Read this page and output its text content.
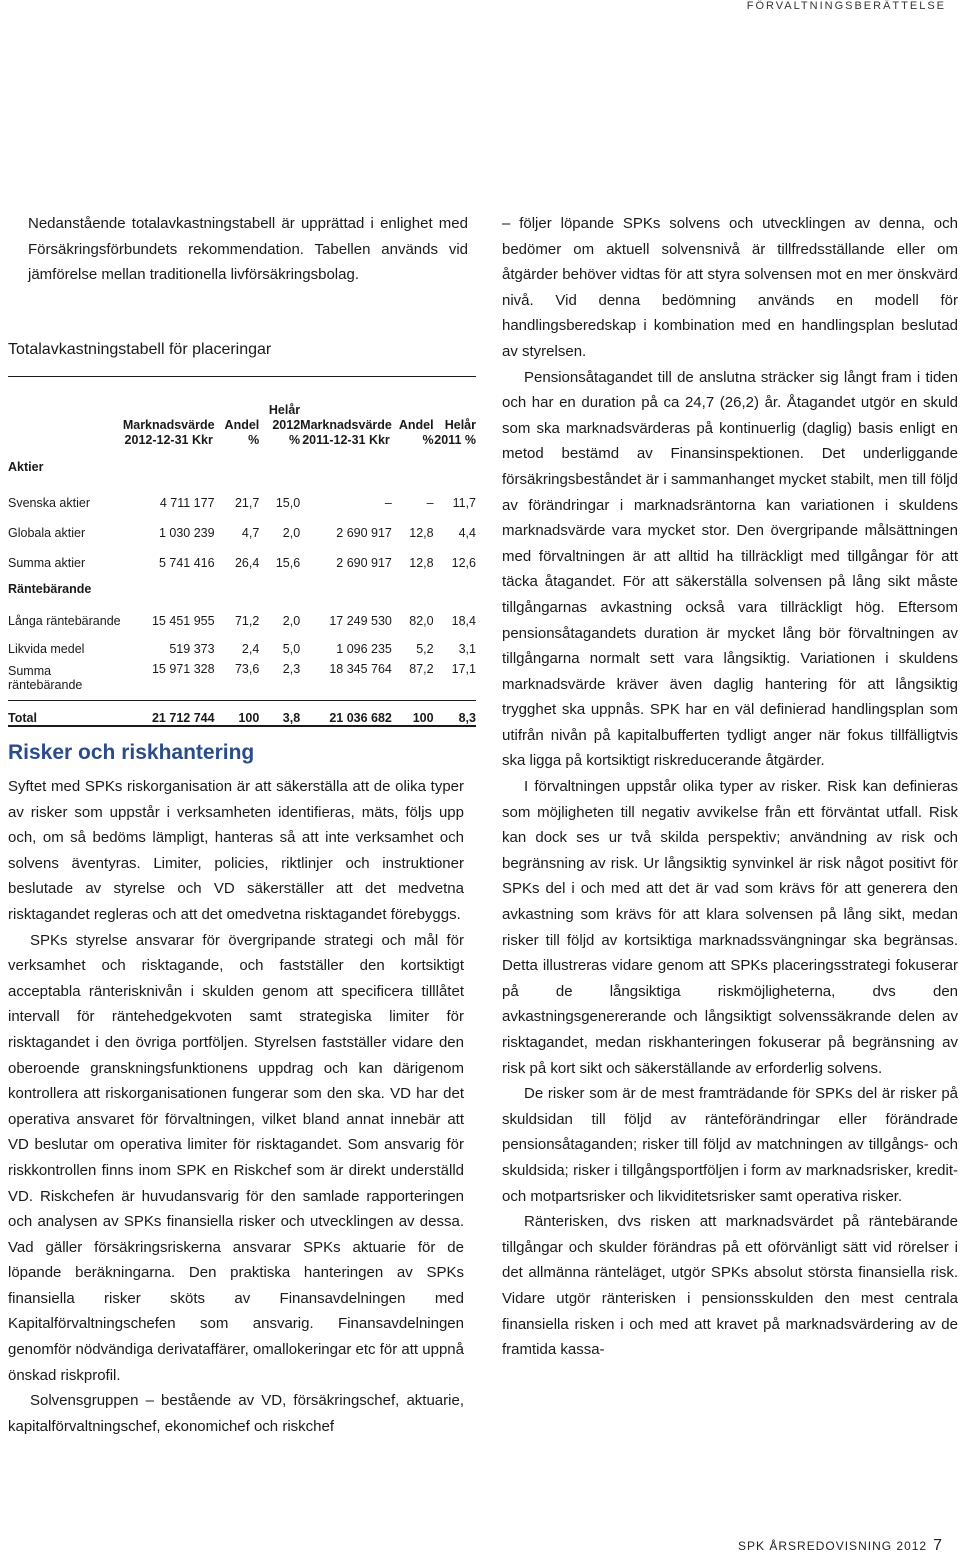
FÖRVALTNINGSBERÄTTELSE

Nedanstående totalavkastningstabell är upprättad i enlighet med Försäkringsförbundets rekommendation. Tabellen används vid jämförelse mellan traditionella livförsäkringsbolag.

Totalavkastningstabell för placeringar
	Marknadsvärde 2012-12-31 Kkr	Andel %	Helår 2012 %	Marknadsvärde 2011-12-31 Kkr	Andel %	Helår 2011 %
Aktier						
Svenska aktier	4 711 177	21,7	15,0	–	–	11,7
Globala aktier	1 030 239	4,7	2,0	2 690 917	12,8	4,4
Summa aktier	5 741 416	26,4	15,6	2 690 917	12,8	12,6
Räntebärande						
Långa räntebärande	15 451 955	71,2	2,0	17 249 530	82,0	18,4
Likvida medel	519 373	2,4	5,0	1 096 235	5,2	3,1
Summa räntebärande	15 971 328	73,6	2,3	18 345 764	87,2	17,1
Total	21 712 744	100	3,8	21 036 682	100	8,3
Risker och riskhantering

Syftet med SPKs riskorganisation är att säkerställa att de olika typer av risker som uppstår i verksamheten identifieras, mäts, följs upp och, om så bedöms lämpligt, hanteras så att inte verksamhet och solvens äventyras. Limiter, policies, riktlinjer och instruktioner beslutade av styrelse och VD säkerställer att det medvetna risktagandet regleras och att det omedvetna risktagandet förebyggs.

SPKs styrelse ansvarar för övergripande strategi och mål för verksamhet och risktagande, och fastställer den kortsiktigt acceptabla ränterisknivån i skulden genom att specificera tilllåtet intervall för räntehedgekvoten samt strategiska limiter för risktagandet i den övriga portföljen. Styrelsen fastställer vidare den oberoende granskningsfunktionens uppdrag och kan därigenom kontrollera att riskorganisationen fungerar som den ska. VD har det operativa ansvaret för förvaltningen, vilket bland annat innebär att VD beslutar om operativa limiter för risktagandet. Som ansvarig för riskkontrollen finns inom SPK en Riskchef som är direkt underställd VD. Riskchefen är huvudansvarig för den samlade rapporteringen och analysen av SPKs finansiella risker och utvecklingen av dessa. Vad gäller försäkringsriskerna ansvarar SPKs aktuarie för de löpande beräkningarna. Den praktiska hanteringen av SPKs finansiella risker sköts av Finansavdelningen med Kapitalförvaltningschefen som ansvarig. Finansavdelningen genomför nödvändiga derivataffärer, omallokeringar etc för att uppnå önskad riskprofil.

Solvensgruppen – bestående av VD, försäkringschef, aktuarie, kapitalförvaltningschef, ekonomichef och riskchef

– följer löpande SPKs solvens och utvecklingen av denna, och bedömer om aktuell solvensnivå är tillfredsställande eller om åtgärder behöver vidtas för att styra solvensen mot en mer önskvärd nivå. Vid denna bedömning används en modell för handlingsberedskap i kombination med en handlingsplan beslutad av styrelsen.

Pensionsåtagandet till de anslutna sträcker sig långt fram i tiden och har en duration på ca 24,7 (26,2) år. Åtagandet utgör en skuld som ska marknadsvärderas på kontinuerlig (daglig) basis enligt en metod bestämd av Finansinspektionen. Det underliggande försäkringsbeståndet är i sammanhanget mycket stabilt, men till följd av förändringar i marknadsräntorna kan variationen i skuldens marknadsvärde vara mycket stor. Den övergripande målsättningen med förvaltningen är att alltid ha tillräckligt med tillgångar för att täcka åtagandet. För att säkerställa solvensen på lång sikt måste tillgångarnas avkastning också vara tillräckligt hög. Eftersom pensionsåtagandets duration är mycket lång bör förvaltningen av tillgångarna normalt sett vara långsiktig. Variationen i skuldens marknadsvärde kräver även daglig hantering för att långsiktig trygghet ska uppnås. SPK har en väl definierad handlingsplan som utifrån nivån på kapitalbufferten tydligt anger när fokus tillfälligtvis ska ligga på kortsiktigt riskreducerande åtgärder.

I förvaltningen uppstår olika typer av risker. Risk kan definieras som möjligheten till negativ avvikelse från ett förväntat utfall. Risk kan dock ses ur två skilda perspektiv; användning av risk och begränsning av risk. Ur långsiktig synvinkel är risk något positivt för SPKs del i och med att det är vad som krävs för att generera den avkastning som krävs för att klara solvensen på lång sikt, medan risker till följd av kortsiktiga marknadssvängningar ska begränsas. Detta illustreras vidare genom att SPKs placeringsstrategi fokuserar på de långsiktiga riskmöjligheterna, dvs den avkastningsgenererande och långsiktigt solvenssäkrande delen av risktagandet, medan riskhanteringen fokuserar på begränsning av risk på kort sikt och säkerställande av erforderlig solvens.

De risker som är de mest framträdande för SPKs del är risker på skuldsidan till följd av ränteförändringar eller förändrade pensionsåtaganden; risker till följd av matchningen av tillgångs- och skuldsida; risker i tillgångsportföljen i form av marknadsrisker, kredit- och motpartsrisker och likviditetsrisker samt operativa risker.

Ränterisken, dvs risken att marknadsvärdet på räntebärande tillgångar och skulder förändras på ett oförvänligt sätt vid rörelser i det allmänna ränteläget, utgör SPKs absolut största finansiella risk. Vidare utgör ränterisken i pensionsskulden den mest centrala finansiella risken i och med att kravet på marknadsvärdering av de framtida kassa-

SPK ÅRSREDOVISNING 2012 7
